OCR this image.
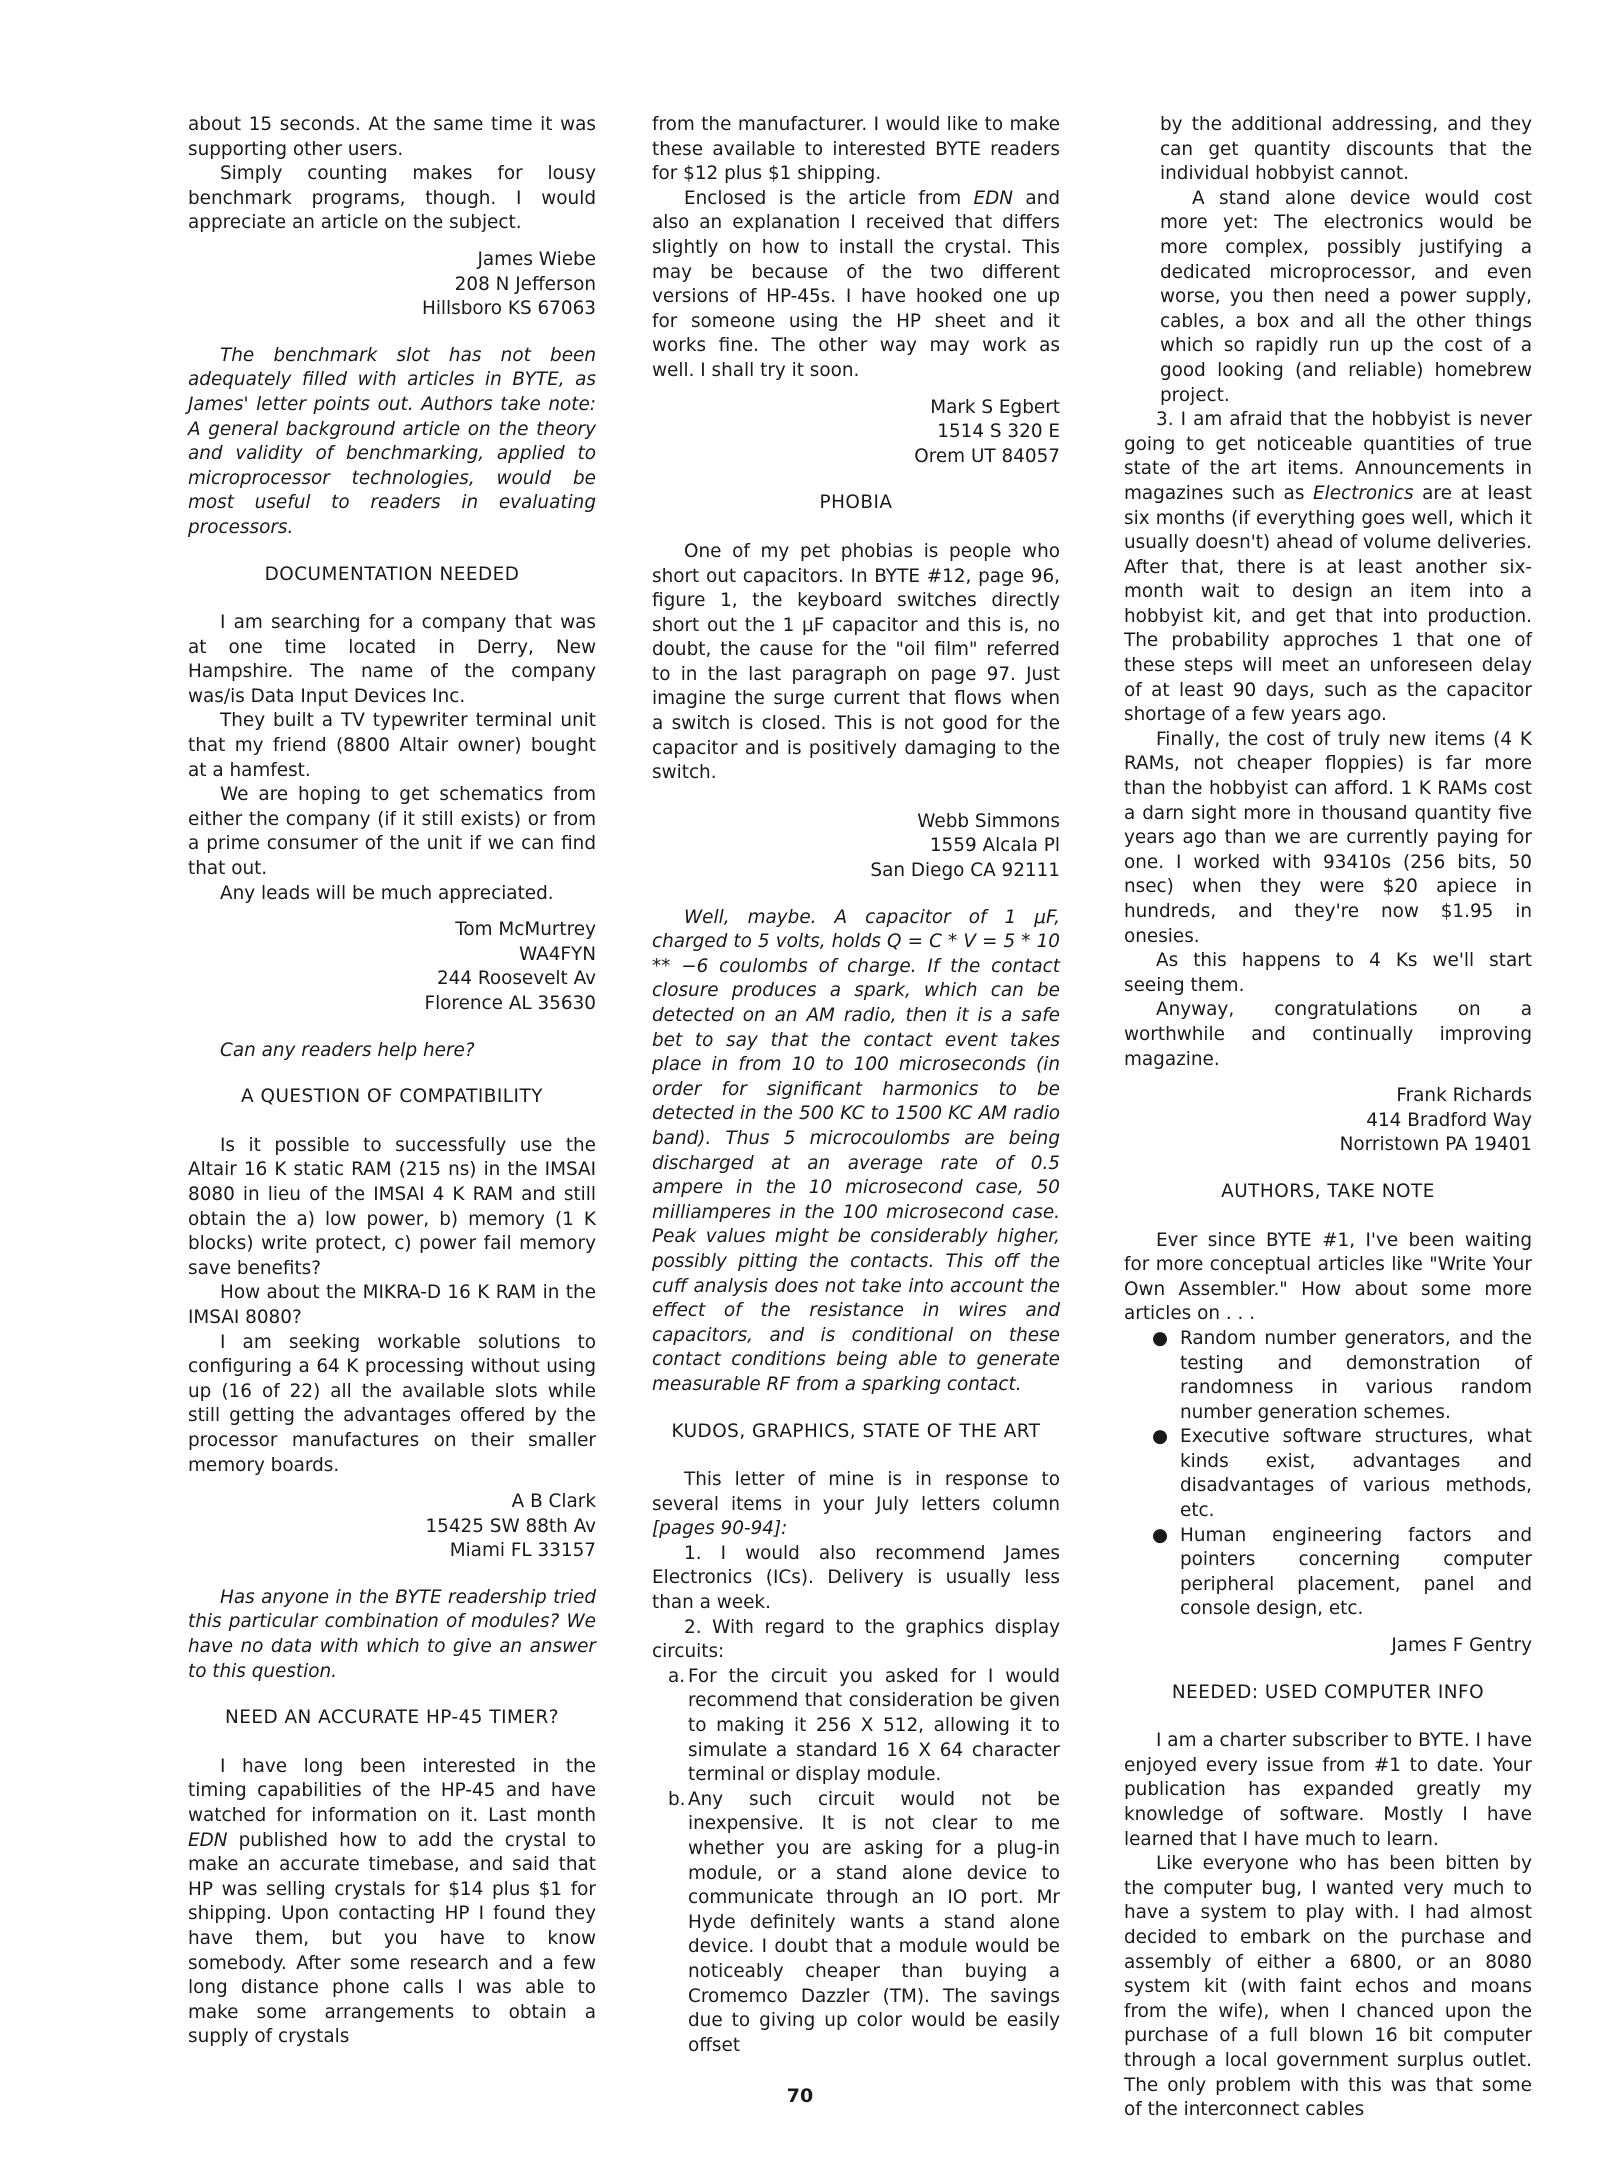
about 15 seconds. At the same time it was supporting other users.

Simply counting makes for lousy benchmark programs, though. I would appreciate an article on the subject.

James Wiebe
208 N Jefferson
Hillsboro KS 67063

The benchmark slot has not been adequately filled with articles in BYTE, as James' letter points out. Authors take note: A general background article on the theory and validity of benchmarking, applied to microprocessor technologies, would be most useful to readers in evaluating processors.

DOCUMENTATION NEEDED

I am searching for a company that was at one time located in Derry, New Hampshire. The name of the company was/is Data Input Devices Inc.

They built a TV typewriter terminal unit that my friend (8800 Altair owner) bought at a hamfest.

We are hoping to get schematics from either the company (if it still exists) or from a prime consumer of the unit if we can find that out.

Any leads will be much appreciated.

Tom McMurtrey
WA4FYN
244 Roosevelt Av
Florence AL 35630

Can any readers help here?

A QUESTION OF COMPATIBILITY

Is it possible to successfully use the Altair 16 K static RAM (215 ns) in the IMSAI 8080 in lieu of the IMSAI 4 K RAM and still obtain the a) low power, b) memory (1 K blocks) write protect, c) power fail memory save benefits?

How about the MIKRA-D 16 K RAM in the IMSAI 8080?

I am seeking workable solutions to configuring a 64 K processing without using up (16 of 22) all the available slots while still getting the advantages offered by the processor manufactures on their smaller memory boards.

A B Clark
15425 SW 88th Av
Miami FL 33157

Has anyone in the BYTE readership tried this particular combination of modules? We have no data with which to give an answer to this question.

NEED AN ACCURATE HP-45 TIMER?

I have long been interested in the timing capabilities of the HP-45 and have watched for information on it. Last month EDN published how to add the crystal to make an accurate timebase, and said that HP was selling crystals for $14 plus $1 for shipping. Upon contacting HP I found they have them, but you have to know somebody. After some research and a few long distance phone calls I was able to make some arrangements to obtain a supply of crystals

from the manufacturer. I would like to make these available to interested BYTE readers for $12 plus $1 shipping.

Enclosed is the article from EDN and also an explanation I received that differs slightly on how to install the crystal. This may be because of the two different versions of HP-45s. I have hooked one up for someone using the HP sheet and it works fine. The other way may work as well. I shall try it soon.

Mark S Egbert
1514 S 320 E
Orem UT 84057
PHOBIA

One of my pet phobias is people who short out capacitors. In BYTE #12, page 96, figure 1, the keyboard switches directly short out the 1 μF capacitor and this is, no doubt, the cause for the "oil film" referred to in the last paragraph on page 97. Just imagine the surge current that flows when a switch is closed. This is not good for the capacitor and is positively damaging to the switch.

Webb Simmons
1559 Alcala Pl
San Diego CA 92111

Well, maybe. A capacitor of 1 μF, charged to 5 volts, holds Q = C * V = 5 * 10 ** −6 coulombs of charge. If the contact closure produces a spark, which can be detected on an AM radio, then it is a safe bet to say that the contact event takes place in from 10 to 100 microseconds (in order for significant harmonics to be detected in the 500 KC to 1500 KC AM radio band). Thus 5 microcoulombs are being discharged at an average rate of 0.5 ampere in the 10 microsecond case, 50 milliamperes in the 100 microsecond case. Peak values might be considerably higher, possibly pitting the contacts. This off the cuff analysis does not take into account the effect of the resistance in wires and capacitors, and is conditional on these contact conditions being able to generate measurable RF from a sparking contact.

KUDOS, GRAPHICS, STATE OF THE ART

This letter of mine is in response to several items in your July letters column [pages 90-94]:

1. I would also recommend James Electronics (ICs). Delivery is usually less than a week.

2. With regard to the graphics display circuits:

a. For the circuit you asked for I would recommend that consideration be given to making it 256 X 512, allowing it to simulate a standard 16 X 64 character terminal or display module.

b. Any such circuit would not be inexpensive. It is not clear to me whether you are asking for a plug-in module, or a stand alone device to communicate through an IO port. Mr Hyde definitely wants a stand alone device. I doubt that a module would be noticeably cheaper than buying a Cromemco Dazzler (TM). The savings due to giving up color would be easily offset

by the additional addressing, and they can get quantity discounts that the individual hobbyist cannot.

A stand alone device would cost more yet: The electronics would be more complex, possibly justifying a dedicated microprocessor, and even worse, you then need a power supply, cables, a box and all the other things which so rapidly run up the cost of a good looking (and reliable) homebrew project.

3. I am afraid that the hobbyist is never going to get noticeable quantities of true state of the art items. Announcements in magazines such as Electronics are at least six months (if everything goes well, which it usually doesn't) ahead of volume deliveries. After that, there is at least another six-month wait to design an item into a hobbyist kit, and get that into production. The probability approches 1 that one of these steps will meet an unforeseen delay of at least 90 days, such as the capacitor shortage of a few years ago.

Finally, the cost of truly new items (4 K RAMs, not cheaper floppies) is far more than the hobbyist can afford. 1 K RAMs cost a darn sight more in thousand quantity five years ago than we are currently paying for one. I worked with 93410s (256 bits, 50 nsec) when they were $20 apiece in hundreds, and they're now $1.95 in onesies.

As this happens to 4 Ks we'll start seeing them.

Anyway, congratulations on a worthwhile and continually improving magazine.

Frank Richards
414 Bradford Way
Norristown PA 19401
AUTHORS, TAKE NOTE

Ever since BYTE #1, I've been waiting for more conceptual articles like "Write Your Own Assembler." How about some more articles on . . .

● Random number generators, and the testing and demonstration of randomness in various random number generation schemes.

● Executive software structures, what kinds exist, advantages and disadvantages of various methods, etc.

● Human engineering factors and pointers concerning computer peripheral placement, panel and console design, etc.

James F Gentry
NEEDED: USED COMPUTER INFO

I am a charter subscriber to BYTE. I have enjoyed every issue from #1 to date. Your publication has expanded greatly my knowledge of software. Mostly I have learned that I have much to learn.

Like everyone who has been bitten by the computer bug, I wanted very much to have a system to play with. I had almost decided to embark on the purchase and assembly of either a 6800, or an 8080 system kit (with faint echos and moans from the wife), when I chanced upon the purchase of a full blown 16 bit computer through a local government surplus outlet. The only problem with this was that some of the interconnect cables

70
